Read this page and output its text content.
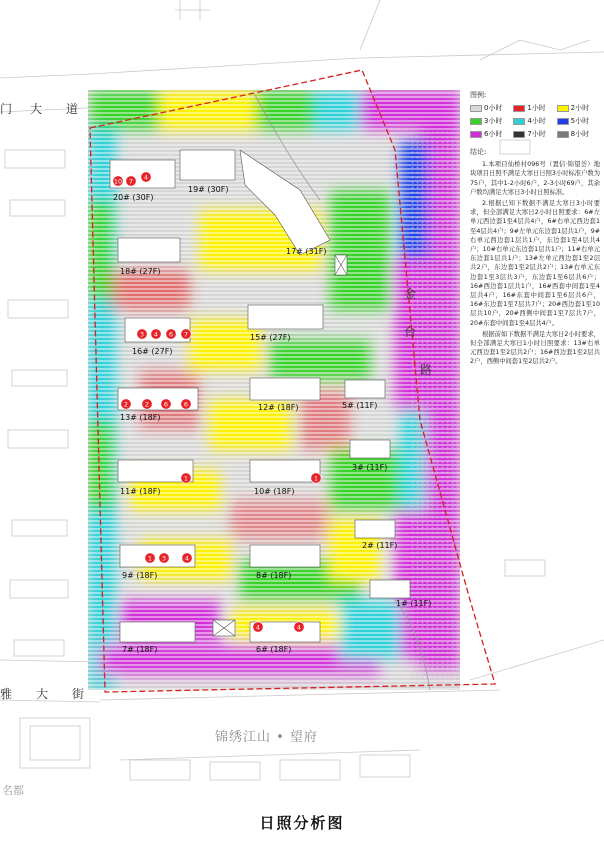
门 大 道
金
台
路
雅 大 街
名都
20# (30F)
19# (30F)
17# (31F)
18# (27F)
16# (27F)
15# (27F)
13# (18F)
12# (18F)	5# (11F)
11# (18F)	10# (18F)
3# (11F)
2# (11F)
9# (18F)	8# (18F)
1# (11F)
7# (18F)	6# (18F)
10 7 4
3 4 6 7
2	2 6 6
1	1
1 3	4
4	4
锦绣江山 • 望府
图例:
0小时	1小时	2小时
3小时	4小时	5小时
6小时	7小时	8小时

结论:

1.本项目仙桥村096号（置信·锦望荟）地块项目日照不满足大寒日日照3小时标准户数为75户，其中1-2小时6户，2-3小时69户，其余户数均满足大寒日3小时日照标准。

2.根据已知下数据不满足大寒日3小时要求，但全部满足大寒日2小时日照要求：6#左单元西边套1至4层共4户，6#右单元西边套1至4层共4户；9#左单元东边套1层共1户，9#右单元西边套1层共1户，东边套1至4层共4户；10#右单元东边套1层共1户；11#右单元东边套1层共1户；13#左单元西边套1至2层共2户，东边套1至2层共2户；13#右单元东边套1至3层共3户，东边套1至6层共6户；16#西边套1层共1户，16#西套中间套1至4层共4户，16#东套中间套1至6层共6户，16#东边套1至7层共7户；20#西边套1至10层共10户，20#西侧中间套1至7层共7户，20#东套中间套1至4层共4户。

根据前如下数据不满足大寒日2小时要求，但全部满足大寒日1小时日照要求：13#右单元西边套1至2层共2户；16#西边套1至2层共2户，西侧中间套1至2层共2户。

日照分析图
